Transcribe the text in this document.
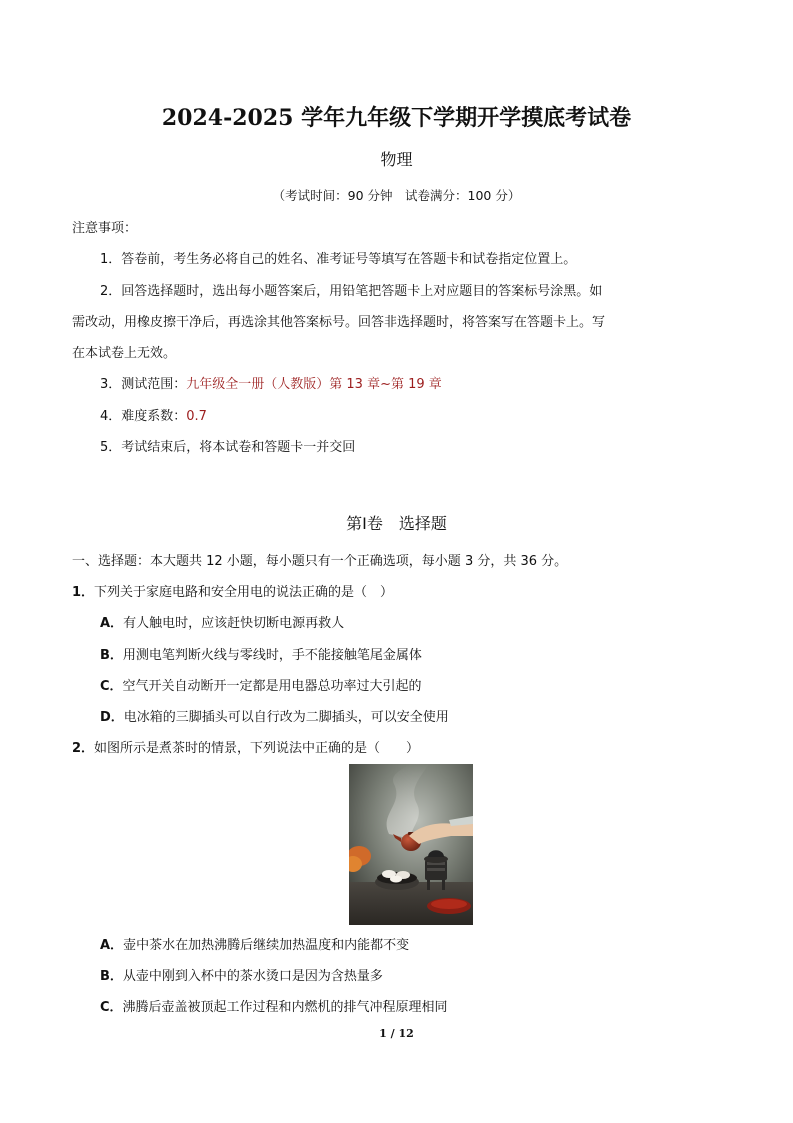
2024-2025 学年九年级下学期开学摸底考试卷
物理
（考试时间：90 分钟　试卷满分：100 分）
注意事项：
1．答卷前，考生务必将自己的姓名、准考证号等填写在答题卡和试卷指定位置上。
2．回答选择题时，选出每小题答案后，用铅笔把答题卡上对应题目的答案标号涂黑。如
需改动，用橡皮擦干净后，再选涂其他答案标号。回答非选择题时，将答案写在答题卡上。写
在本试卷上无效。
3．测试范围：九年级全一册（人教版）第 13 章~第 19 章
4．难度系数：0.7
5．考试结束后，将本试卷和答题卡一并交回
第Ⅰ卷　选择题
一、选择题：本大题共 12 小题，每小题只有一个正确选项，每小题 3 分，共 36 分。
1．下列关于家庭电路和安全用电的说法正确的是（　）
A．有人触电时，应该赶快切断电源再救人
B．用测电笔判断火线与零线时，手不能接触笔尾金属体
C．空气开关自动断开一定都是用电器总功率过大引起的
D．电冰箱的三脚插头可以自行改为二脚插头，可以安全使用
2．如图所示是煮茶时的情景，下列说法中正确的是（　　）
A．壶中茶水在加热沸腾后继续加热温度和内能都不变
B．从壶中刚到入杯中的茶水烫口是因为含热量多
C．沸腾后壶盖被顶起工作过程和内燃机的排气冲程原理相同
1 / 12
